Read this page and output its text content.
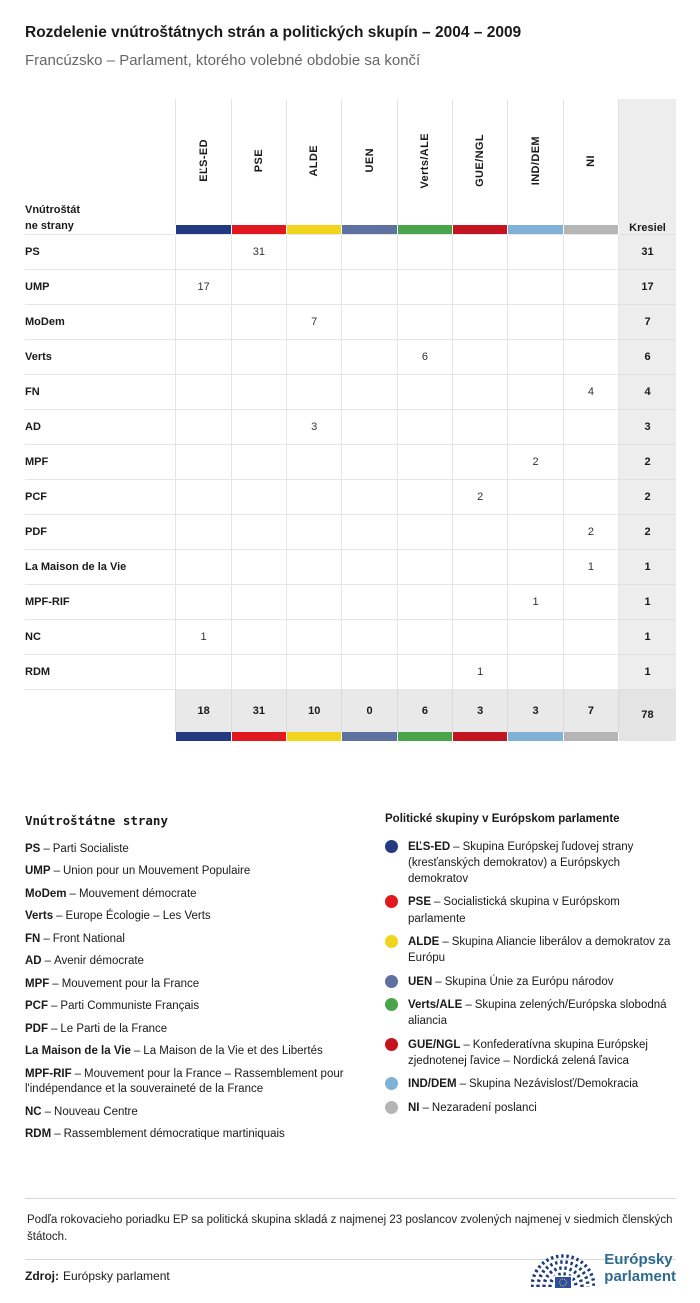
Rozdelenie vnútroštátnych strán a politických skupín – 2004 – 2009
Francúzsko – Parlament, ktorého volebné obdobie sa končí
Vnútroštátne strany	EĽS-ED	PSE	ALDE	UEN	Verts/ALE	GUE/NGL	IND/DEM	NI	Kresiel

PS		31							31
UMP	17								17
MoDem			7						7
Verts					6				6
FN								4	4
AD			3						3
MPF							2		2
PCF						2			2
PDF								2	2
La Maison de la Vie								1	1
MPF-RIF							1		1
NC	1								1
RDM						1			1
	18	31	10	0	6	3	3	7	78

Vnútroštátne strany
PS – Parti Socialiste
UMP – Union pour un Mouvement Populaire
MoDem – Mouvement démocrate
Verts – Europe Écologie – Les Verts
FN – Front National
AD – Avenir démocrate
MPF – Mouvement pour la France
PCF – Parti Communiste Français
PDF – Le Parti de la France
La Maison de la Vie – La Maison de la Vie et des Libertés
MPF-RIF – Mouvement pour la France – Rassemblement pour l'indépendance et la souveraineté de la France
NC – Nouveau Centre
RDM – Rassemblement démocratique martiniquais
Politické skupiny v Európskom parlamente
EĽS-ED – Skupina Európskej ľudovej strany (kresťanských demokratov) a Európskych demokratov
PSE – Socialistická skupina v Európskom parlamente
ALDE – Skupina Aliancie liberálov a demokratov za Európu
UEN – Skupina Únie za Európu národov
Verts/ALE – Skupina zelených/Európska slobodná aliancia
GUE/NGL – Konfederatívna skupina Európskej zjednotenej ľavice – Nordická zelená ľavica
IND/DEM – Skupina Nezávislosť/Demokracia
NI – Nezaradení poslanci
Podľa rokovacieho poriadku EP sa politická skupina skladá z najmenej 23 poslancov zvolených najmenej v siedmich členských štátoch.
Zdroj: Európsky parlament
Európsky
parlament
